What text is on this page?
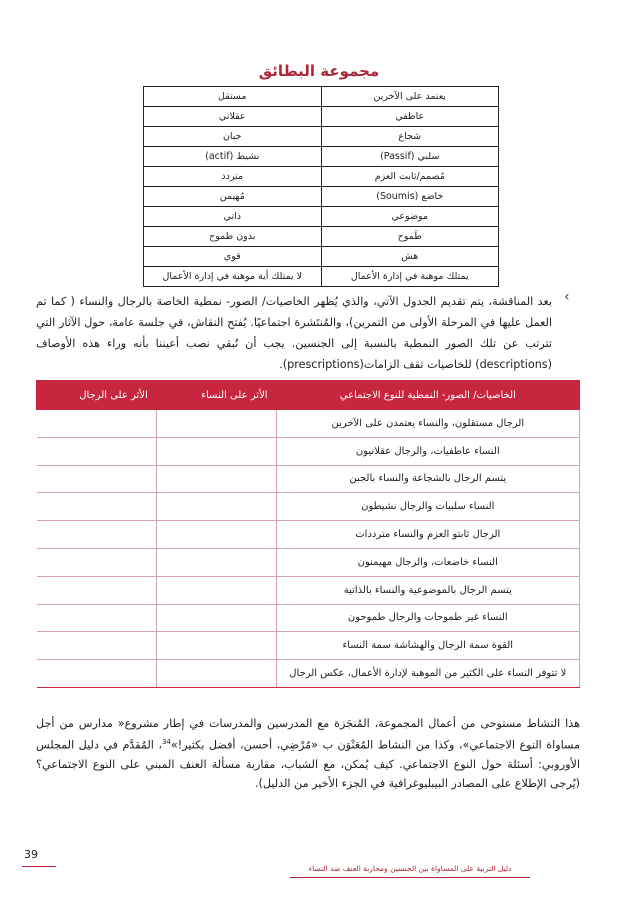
مجموعة البطائق
يعتمد على الآخرين	مستقل
عاطفي	عقلاني
شجاع	جبان
سلبي (Passif)	نشيط (actif)
مُصمم/ثابت العزم	متردد
خاضع (Soumis)	مُهيمن
موضوعي	ذاتي
طَموح	بدون طموح
هش	قوي
يمتلك موهبة في إدارة الأعمال	لا يمتلك أية موهبة في إدارة الأعمال
›
بعد المناقشة، يتم تقديم الجدول الآتي، والذي يُظهر الخاصيات/ الصور- نمطية الخاصة بالرجال والنساء ( كما تم العمل عليها في المرحلة الأولى من التمرين)، والمُنتَشرة اجتماعيًا. يُفتح النقاش، في جلسة عامة، حول الآثار التي تترتب عن تلك الصور النمطية بالنسبة إلى الجنسين. يجب أن نُبقي نصب أعيننا بأنه وراء هذه الأوصاف (descriptions) للخاصيات تقف الزامات(prescriptions).
الخاصيات/ الصور- النمطية للنوع الاجتماعي	الأثر على النساء	الأثر على الرجال
الرجال مستقلون، والنساء يعتمدن على الآخرين		
النساء عاطفيات، والرجال عقلانيون		
يتسم الرجال بالشجاعة والنساء بالجبن		
النساء سلبيات والرجال نشيطون		
الرجال ثابتو العزم والنساء مترددات		
النساء خاضعات، والرجال مهيمنون		
يتسم الرجال بالموضوعية والنساء بالذاتية		
النساء غير طموحات والرجال طموحون		
القوة سمة الرجال والهشاشة سمة النساء		
لا تتوفر النساء على الكثير من الموهبة لإدارة الأعمال، عكس الرجال		
هذا النشاط مستوحى من أعمال المجموعة، المُنجَزة مع المدرسين والمدرسات في إطار مشروع« مدارس من أجل مساواة النوع الاجتماعي»، وكذا من النشاط المُعَنْوَن ب «مُرْضِي، أحسن، أفضل بكثير!»$^{34}$، المُقدَّم في دليل المجلس الأوروبي: أسئلة حول النوع الاجتماعي. كيف يُمكن، مع الشباب، مقاربة مسألة العنف المبني على النوع الاجتماعي؟ (يُرجى الإطلاع على المصادر البيبليوغرافية في الجزء الأخير من الدليل).
39
دليل التربية على المساواة بين الجنسين ومحاربة العنف ضد النساء
